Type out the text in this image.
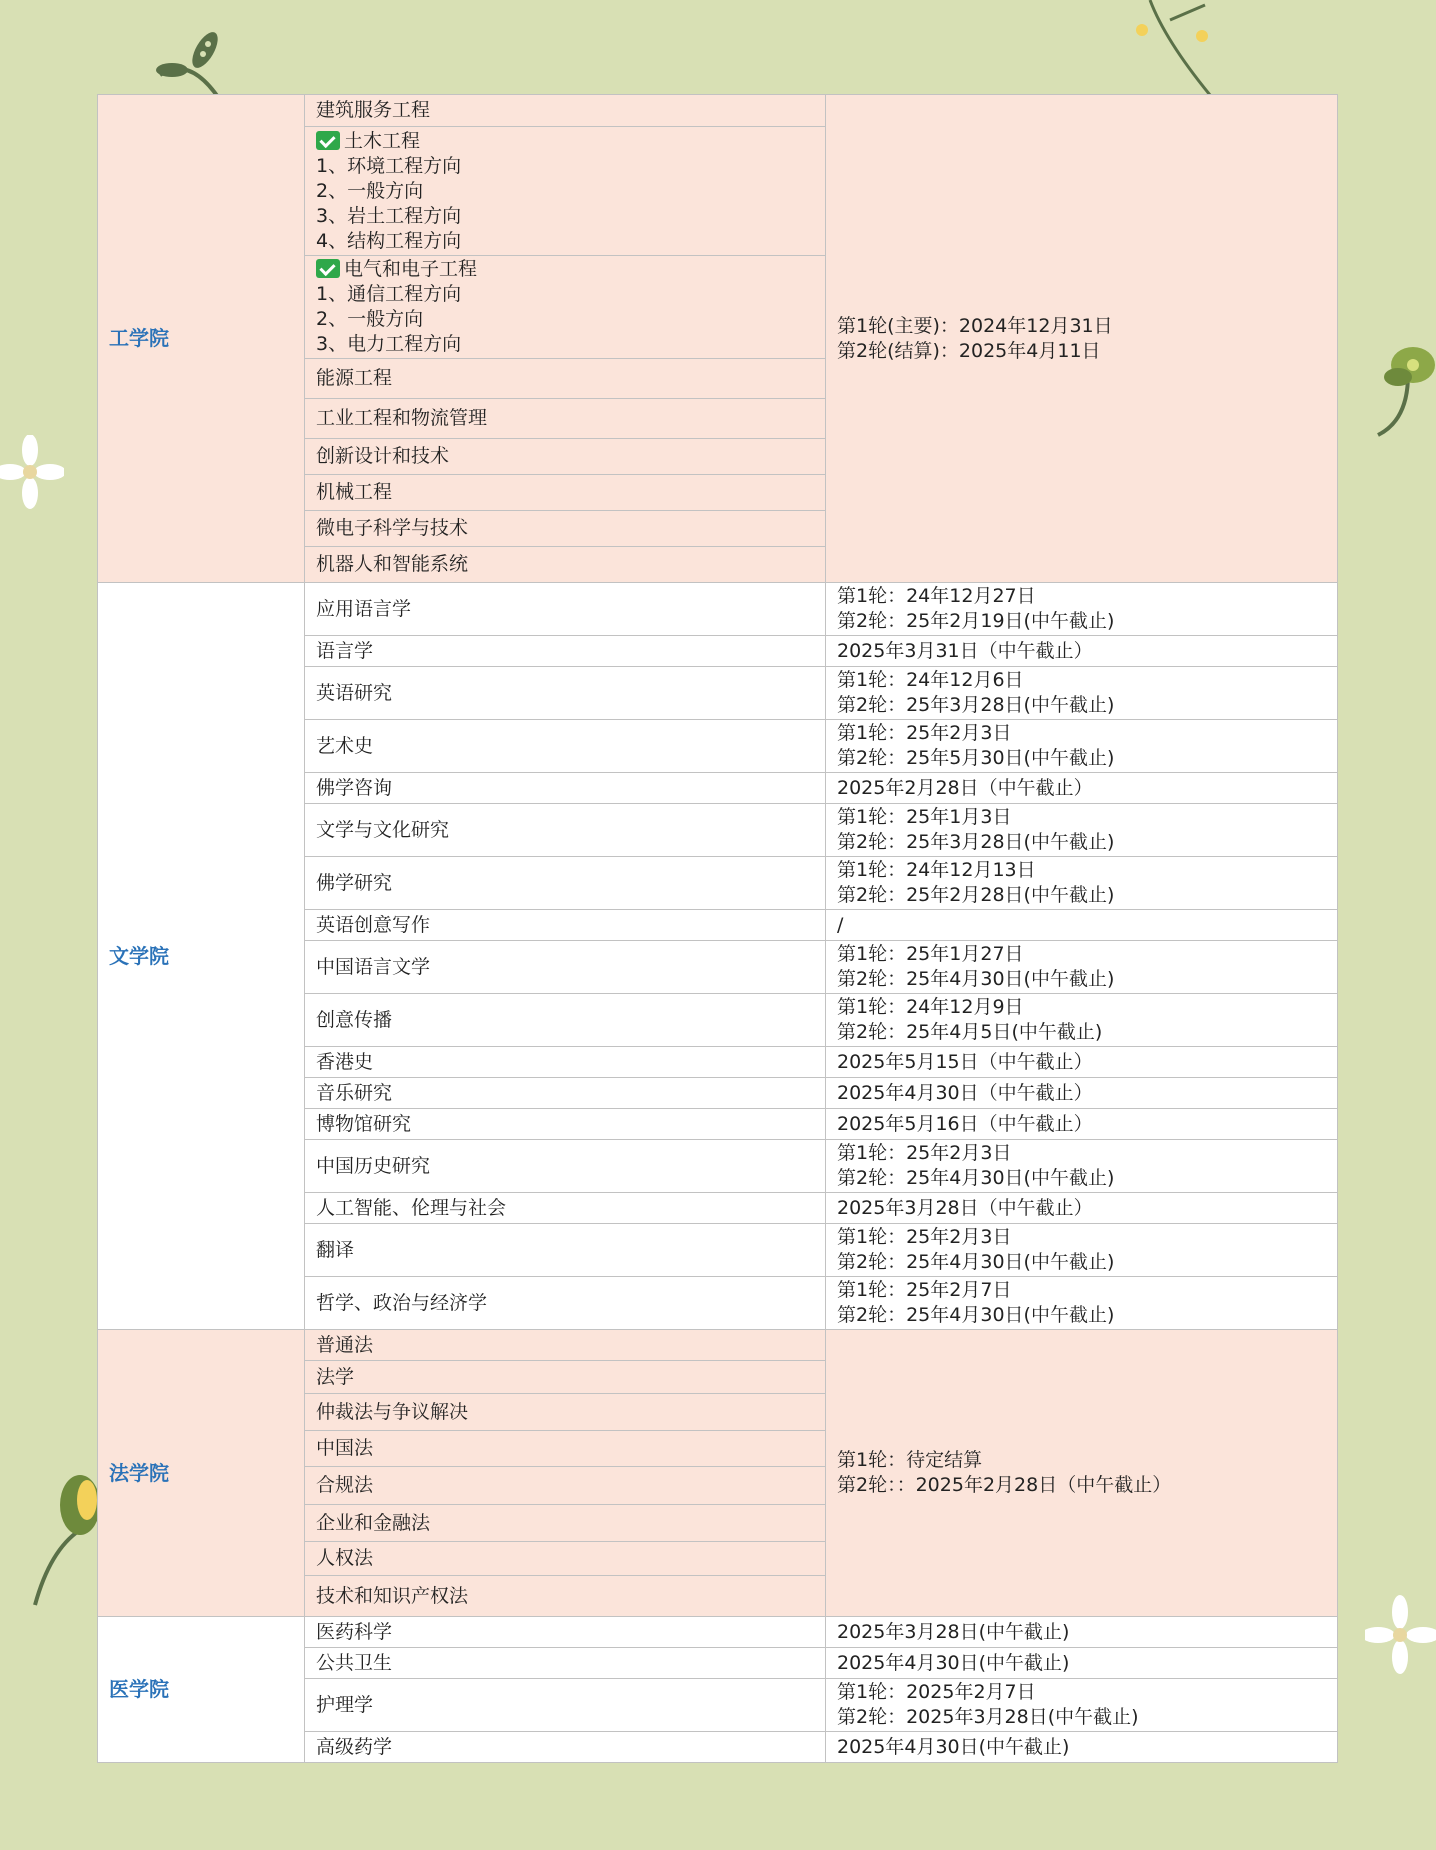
工学院	建筑服务工程	第1轮(主要)：2024年12月31日
第2轮(结算)：2025年4月11日

	土木工程
1、环境工程方向
2、一般方向
3、岩土工程方向
4、结构工程方向	

	电气和电子工程
1、通信工程方向
2、一般方向
3、电力工程方向	

	能源工程	

	工业工程和物流管理	

	创新设计和技术	

	机械工程	

	微电子科学与技术	

	机器人和智能系统	

文学院	应用语言学	第1轮：24年12月27日
第2轮：25年2月19日(中午截止)

	语言学	2025年3月31日（中午截止）

	英语研究	第1轮：24年12月6日
第2轮：25年3月28日(中午截止)

	艺术史	第1轮：25年2月3日
第2轮：25年5月30日(中午截止)

	佛学咨询	2025年2月28日（中午截止）

	文学与文化研究	第1轮：25年1月3日
第2轮：25年3月28日(中午截止)

	佛学研究	第1轮：24年12月13日
第2轮：25年2月28日(中午截止)

	英语创意写作	/

	中国语言文学	第1轮：25年1月27日
第2轮：25年4月30日(中午截止)

	创意传播	第1轮：24年12月9日
第2轮：25年4月5日(中午截止)

	香港史	2025年5月15日（中午截止）

	音乐研究	2025年4月30日（中午截止）

	博物馆研究	2025年5月16日（中午截止）

	中国历史研究	第1轮：25年2月3日
第2轮：25年4月30日(中午截止)

	人工智能、伦理与社会	2025年3月28日（中午截止）

	翻译	第1轮：25年2月3日
第2轮：25年4月30日(中午截止)

	哲学、政治与经济学	第1轮：25年2月7日
第2轮：25年4月30日(中午截止)

法学院	普通法	第1轮：待定结算
第2轮：：2025年2月28日（中午截止）

	法学	
	仲裁法与争议解决	
	中国法	
	合规法	
	企业和金融法	
	人权法	
	技术和知识产权法	
医学院	医药科学	2025年3月28日(中午截止)

	公共卫生	2025年4月30日(中午截止)

	护理学	第1轮：2025年2月7日
第2轮：2025年3月28日(中午截止)

	高级药学	2025年4月30日(中午截止)
